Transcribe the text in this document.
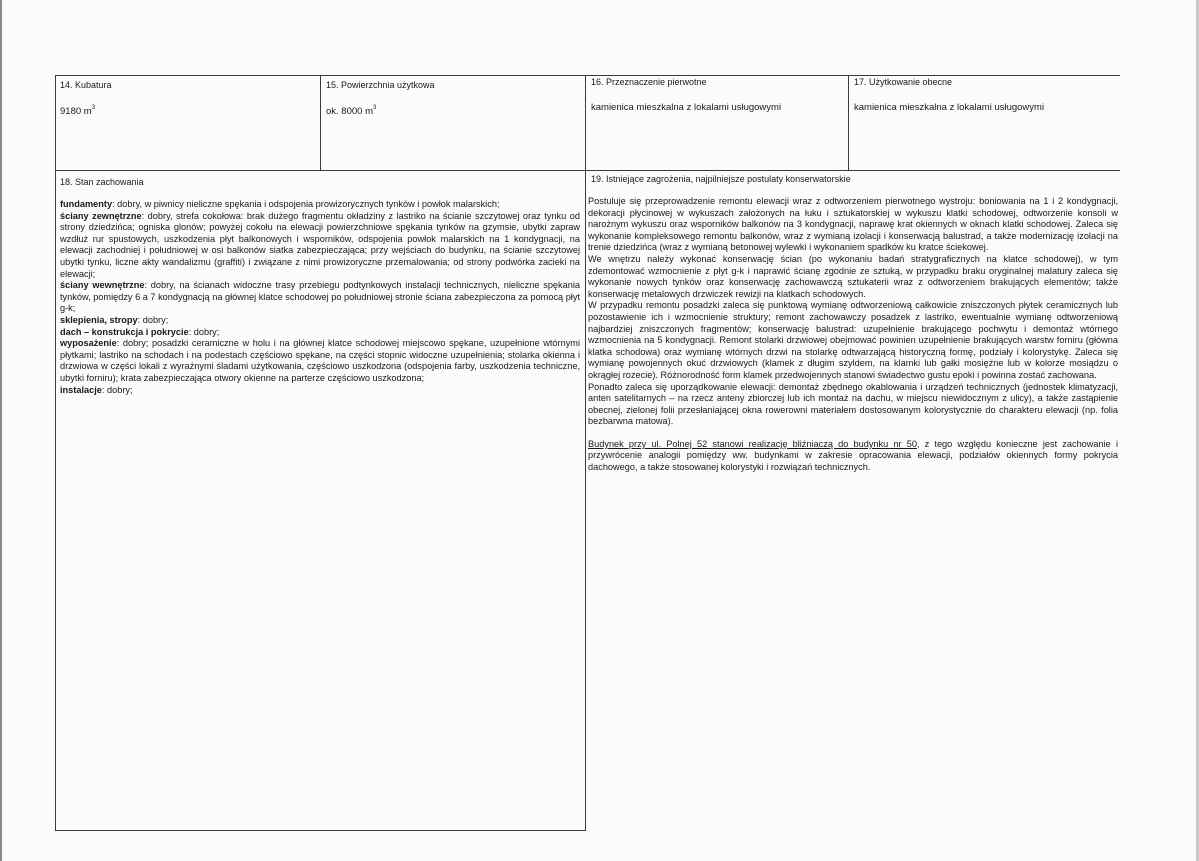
14. Kubatura
9180 $m^3$
15. Powierzchnia użytkowa
ok. 8000 $m^3$
16. Przeznaczenie pierwotne
kamienica mieszkalna z lokalami usługowymi
17. Użytkowanie obecne
kamienica mieszkalna z lokalami usługowymi
18. Stan zachowania

fundamenty: dobry, w piwnicy nieliczne spękania i odspojenia prowizorycznych tynków i powłok malarskich;

ściany zewnętrzne: dobry, strefa cokołowa: brak dużego fragmentu okładziny z lastriko na ścianie szczytowej oraz tynku od strony dziedzińca; ogniska glonów; powyżej cokołu na elewacji powierzchniowe spękania tynków na gzymsie, ubytki zapraw wzdłuż rur spustowych, uszkodzenia płyt balkonowych i wsporników, odspojenia powłok malarskich na 1 kondygnacji, na elewacji zachodniej i południowej w osi balkonów siatka zabezpieczająca; przy wejściach do budynku, na ścianie szczytowej ubytki tynku, liczne akty wandalizmu (graffiti) i związane z nimi prowizoryczne przemalowania; od strony podwórka zacieki na elewacji;

ściany wewnętrzne: dobry, na ścianach widoczne trasy przebiegu podtynkowych instalacji technicznych, nieliczne spękania tynków, pomiędzy 6 a 7 kondygnacją na głównej klatce schodowej po południowej stronie ściana zabezpieczona za pomocą płyt g-k;

sklepienia, stropy: dobry;

dach – konstrukcja i pokrycie: dobry;

wyposażenie: dobry; posadzki ceramiczne w holu i na głównej klatce schodowej miejscowo spękane, uzupełnione wtórnymi płytkami; lastriko na schodach i na podestach częściowo spękane, na części stopnic widoczne uzupełnienia; stolarka okienna i drzwiowa w części lokali z wyraźnymi śladami użytkowania, częściowo uszkodzona (odspojenia farby, uszkodzenia techniczne, ubytki forniru); krata zabezpieczająca otwory okienne na parterze częściowo uszkodzona;

instalacje: dobry;

19. Istniejące zagrożenia, najpilniejsze postulaty konserwatorskie

Postuluje się przeprowadzenie remontu elewacji wraz z odtworzeniem pierwotnego wystroju: boniowania na 1 i 2 kondygnacji, dekoracji płycinowej w wykuszach założonych na łuku i sztukatorskiej w wykuszu klatki schodowej, odtworzenie konsoli w narożnym wykuszu oraz wsporników balkonów na 3 kondygnacji, naprawę krat okiennych w oknach klatki schodowej. Zaleca się wykonanie kompleksowego remontu balkonów, wraz z wymianą izolacji i konserwacją balustrad, a także modernizację izolacji na trenie dziedzińca (wraz z wymianą betonowej wylewki i wykonaniem spadków ku kratce ściekowej.

We wnętrzu należy wykonać konserwację ścian (po wykonaniu badań stratygraficznych na klatce schodowej), w tym zdemontować wzmocnienie z płyt g-k i naprawić ścianę zgodnie ze sztuką, w przypadku braku oryginalnej malatury zaleca się wykonanie nowych tynków oraz konserwację zachowawczą sztukaterii wraz z odtworzeniem brakujących elementów; także konserwację metalowych drzwiczek rewizji na klatkach schodowych.

W przypadku remontu posadzki zaleca się punktową wymianę odtworzeniową całkowicie zniszczonych płytek ceramicznych lub pozostawienie ich i wzmocnienie struktury; remont zachowawczy posadzek z lastriko, ewentualnie wymianę odtworzeniową najbardziej zniszczonych fragmentów; konserwację balustrad: uzupełnienie brakującego pochwytu i demontaż wtórnego wzmocnienia na 5 kondygnacji. Remont stolarki drzwiowej obejmować powinien uzupełnienie brakujących warstw forniru (główna klatka schodowa) oraz wymianę wtórnych drzwi na stolarkę odtwarzającą historyczną formę, podziały i kolorystykę. Zaleca się wymianę powojennych okuć drzwiowych (klamek z długim szyldem, na klamki lub gałki mosiężne lub w kolorze mosiądzu o okrągłej rozecie). Różnorodność form klamek przedwojennych stanowi świadectwo gustu epoki i powinna zostać zachowana.

Ponadto zaleca się uporządkowanie elewacji: demontaż zbędnego okablowania i urządzeń technicznych (jednostek klimatyzacji, anten satelitarnych – na rzecz anteny zbiorczej lub ich montaż na dachu, w miejscu niewidocznym z ulicy), a także zastąpienie obecnej, zielonej folii przesłaniającej okna rowerowni materiałem dostosowanym kolorystycznie do charakteru elewacji (np. folia bezbarwna matowa).

Budynek przy ul. Polnej 52 stanowi realizację bliźniaczą do budynku nr 50, z tego względu konieczne jest zachowanie i przywrócenie analogii pomiędzy ww. budynkami w zakresie opracowania elewacji, podziałów okiennych formy pokrycia dachowego, a także stosowanej kolorystyki i rozwiązań technicznych.
